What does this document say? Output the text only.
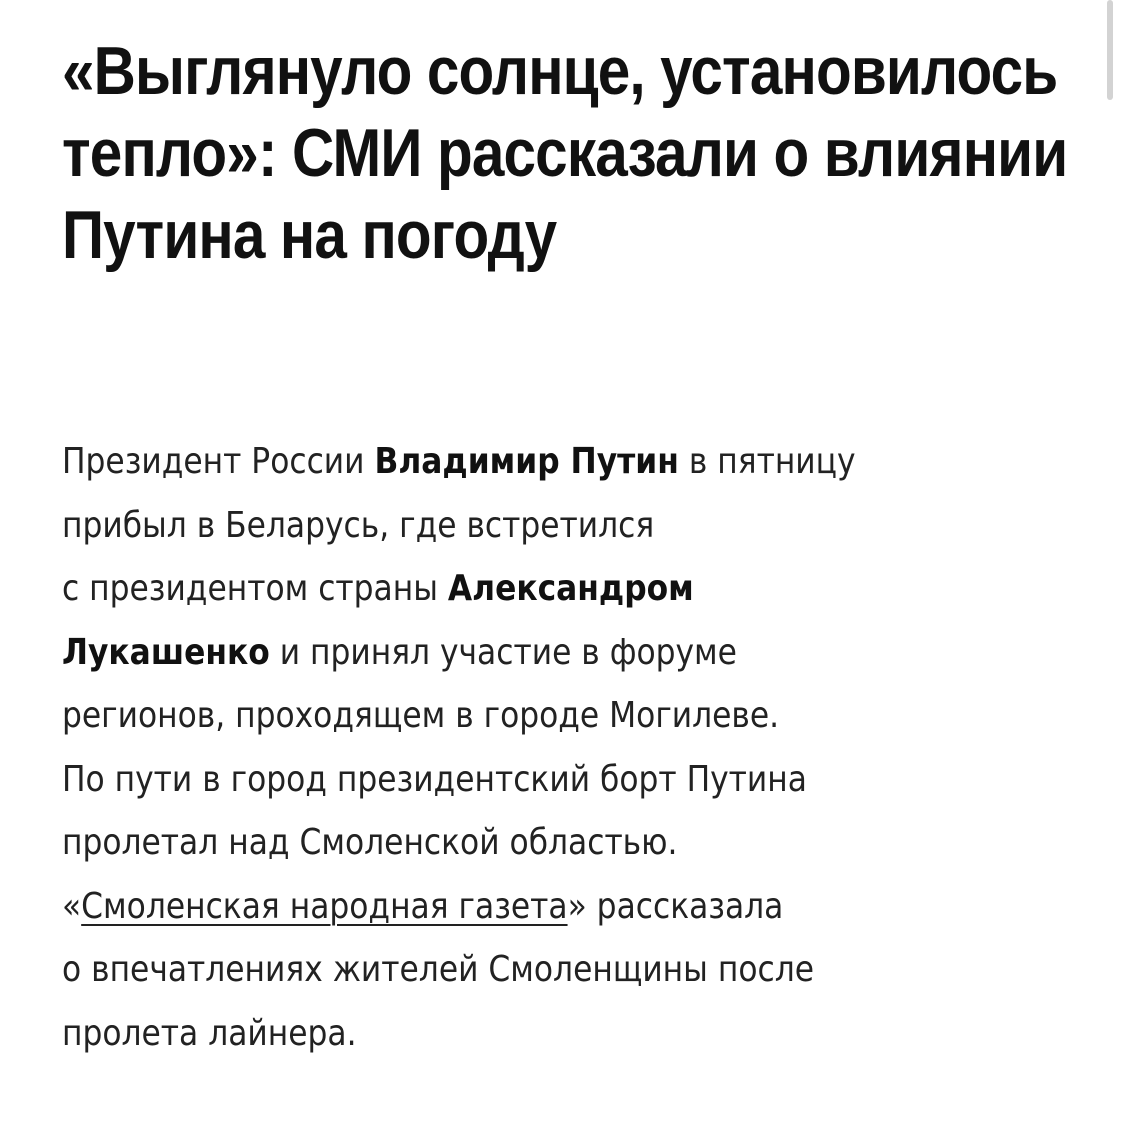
«Выглянуло солнце, установилось тепло»: СМИ рассказали о влиянии Путина на погоду

Президент России Владимир Путин в пятницу
прибыл в Беларусь, где встретился
с президентом страны Александром
Лукашенко и принял участие в форуме
регионов, проходящем в городе Могилеве.
По пути в город президентский борт Путина
пролетал над Смоленской областью.
«Смоленская народная газета» рассказала
о впечатлениях жителей Смоленщины после
пролета лайнера.
